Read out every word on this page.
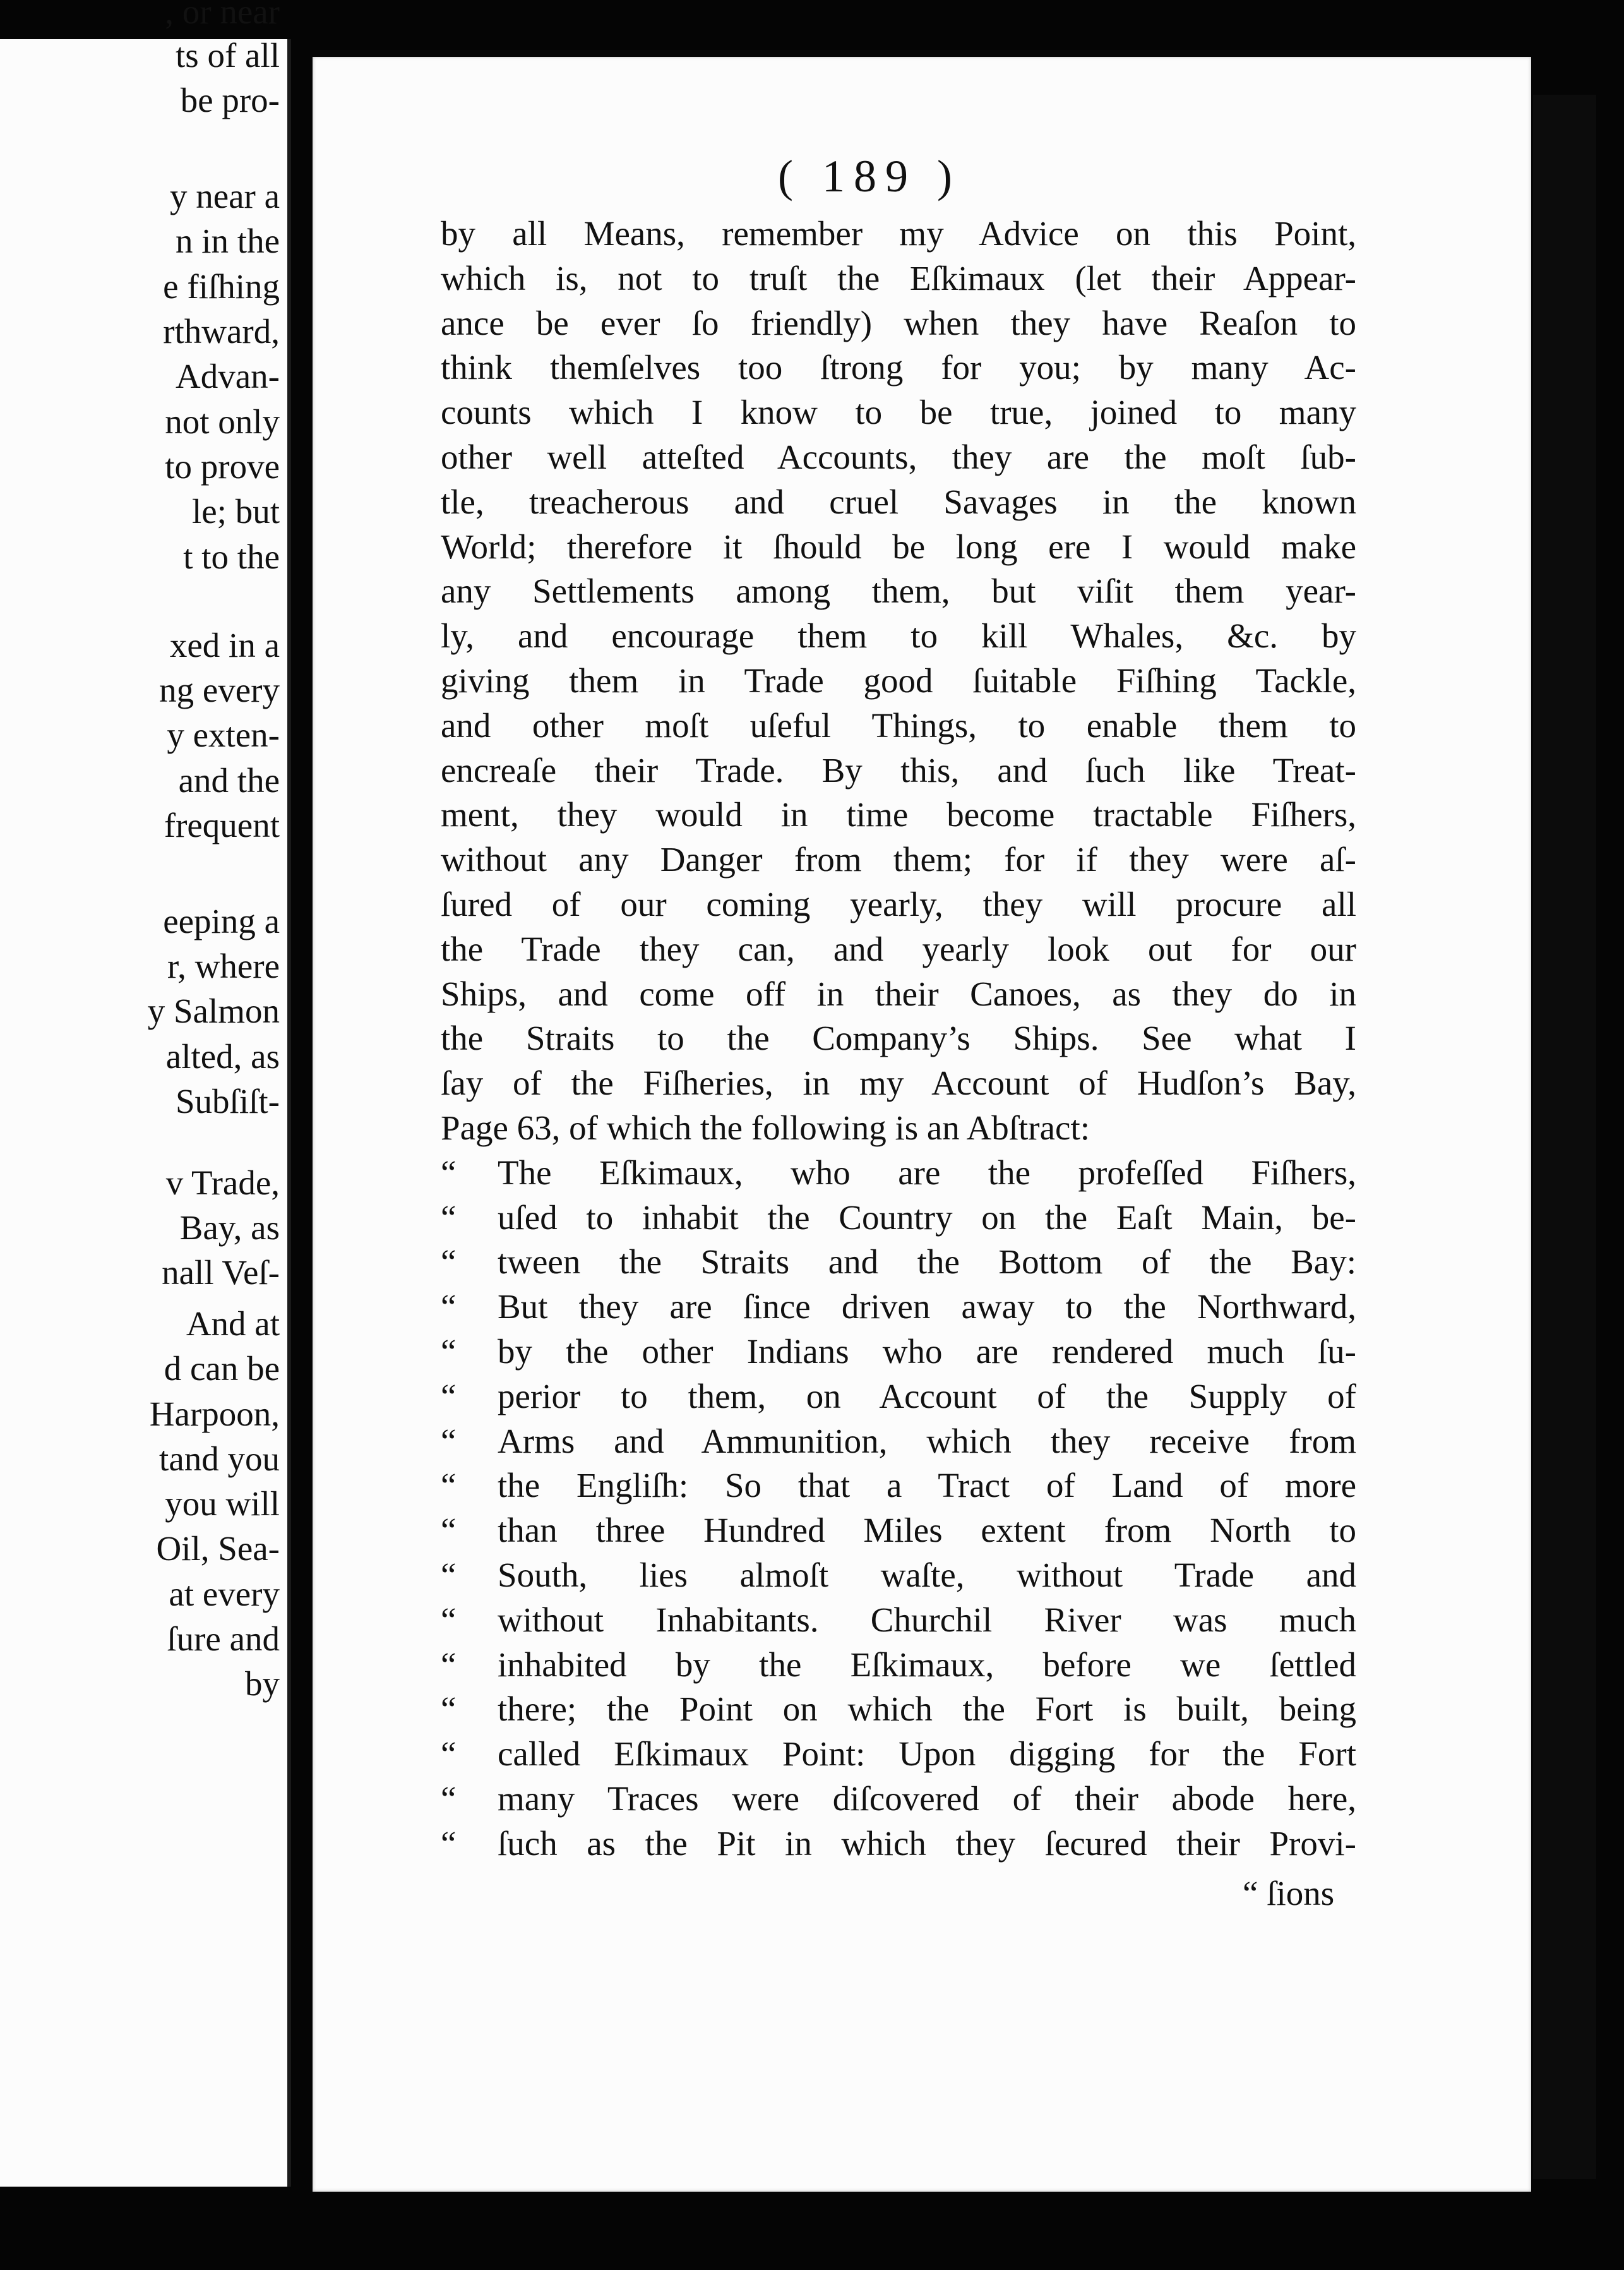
, or near
ts of all
be pro-
y near a
n in the
e fiſhing
rthward,
Advan-
not only
to prove
le; but
t to the
xed in a
ng every
y exten-
and the
frequent
eeping a
r, where
y Salmon
alted, as
Subſiſt-
v Trade,
Bay, as
nall Veſ-
And at
d can be
Harpoon,
tand you
you will
Oil, Sea-
at every
ſure and
by
( 189 )
by all Means, remember my Advice on this Point,
which is, not to truſt the Eſkimaux (let their Appear-
ance be ever ſo friendly) when they have Reaſon to
think themſelves too ſtrong for you; by many Ac-
counts which I know to be true, joined to many
other well atteſted Accounts, they are the moſt ſub-
tle, treacherous and cruel Savages in the known
World; therefore it ſhould be long ere I would make
any Settlements among them, but viſit them year-
ly, and encourage them to kill Whales, &c. by
giving them in Trade good ſuitable Fiſhing Tackle,
and other moſt uſeful Things, to enable them to
encreaſe their Trade. By this, and ſuch like Treat-
ment, they would in time become tractable Fiſhers,
without any Danger from them; for if they were aſ-
ſured of our coming yearly, they will procure all
the Trade they can, and yearly look out for our
Ships, and come off in their Canoes, as they do in
the Straits to the Company’s Ships. See what I
ſay of the Fiſheries, in my Account of Hudſon’s Bay,
Page 63, of which the following is an Abſtract:
“ The Eſkimaux, who are the profeſſed Fiſhers,
“ uſed to inhabit the Country on the Eaſt Main, be-
“ tween the Straits and the Bottom of the Bay:
“ But they are ſince driven away to the Northward,
“ by the other Indians who are rendered much ſu-
“ perior to them, on Account of the Supply of
“ Arms and Ammunition, which they receive from
“ the Engliſh: So that a Tract of Land of more
“ than three Hundred Miles extent from North to
“ South, lies almoſt waſte, without Trade and
“ without Inhabitants. Churchil River was much
“ inhabited by the Eſkimaux, before we ſettled
“ there; the Point on which the Fort is built, being
“ called Eſkimaux Point: Upon digging for the Fort
“ many Traces were diſcovered of their abode here,
“ ſuch as the Pit in which they ſecured their Provi-
“ ſions
